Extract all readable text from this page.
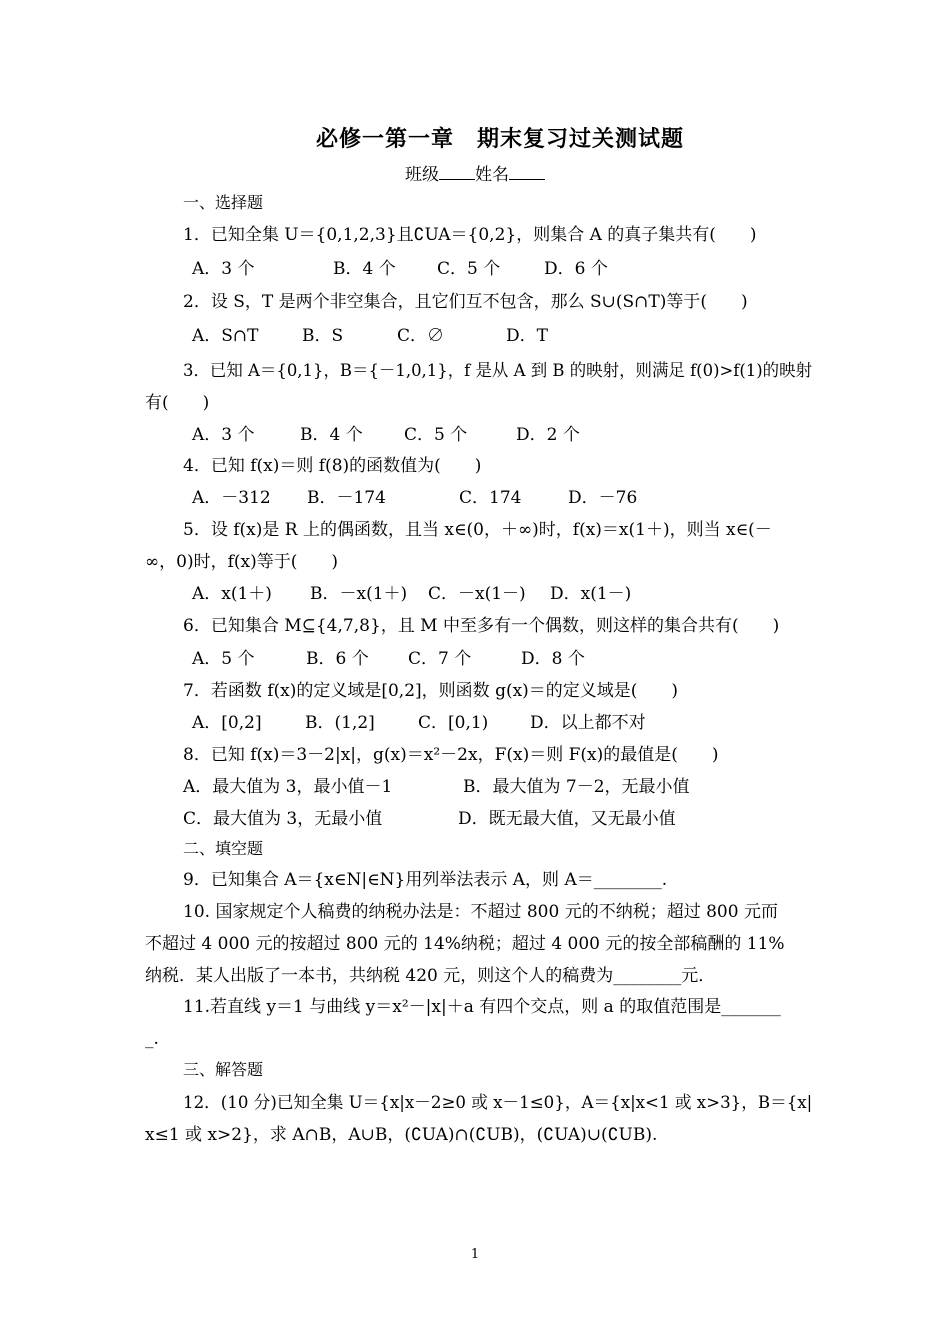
必修一第一章　期末复习过关测试题
班级 姓名
一、选择题
1．已知全集 U＝{0,1,2,3}且∁UA＝{0,2}，则集合 A 的真子集共有(　　)
A．3 个	B．4 个 C．5 个	D．6 个
2．设 S，T 是两个非空集合，且它们互不包含，那么 S∪(S∩T)等于(　　)
A．S∩T	B．S	C．∅	D．T
3．已知 A＝{0,1}，B＝{－1,0,1}，f 是从 A 到 B 的映射，则满足 f(0)>f(1)的映射
有(　　)
A．3 个	B．4 个 C．5 个	D．2 个
4．已知 f(x)＝则 f(8)的函数值为(　　)
A．－312 B．－174	C．174	D．－76
5．设 f(x)是 R 上的偶函数，且当 x∈(0，＋∞)时，f(x)＝x(1＋)，则当 x∈(－
∞，0)时，f(x)等于(　　)
A．x(1＋) B．－x(1＋) C．－x(1－) D．x(1－)
6．已知集合 M⊆{4,7,8}，且 M 中至多有一个偶数，则这样的集合共有(　　)
A．5 个	B．6 个 C．7 个	D．8 个
7．若函数 f(x)的定义域是[0,2]，则函数 g(x)＝的定义域是(　　)
A．[0,2]	B．(1,2]	C．[0,1) D．以上都不对
8．已知 f(x)＝3－2|x|，g(x)＝x²－2x，F(x)＝则 F(x)的最值是(　　)
A．最大值为 3，最小值－1	B．最大值为 7－2，无最小值
C．最大值为 3，无最小值	D．既无最大值，又无最小值
二、填空题
9．已知集合 A＝{x∈N|∈N}用列举法表示 A，则 A＝________.
10. 国家规定个人稿费的纳税办法是：不超过 800 元的不纳税；超过 800 元而
不超过 4 000 元的按超过 800 元的 14%纳税；超过 4 000 元的按全部稿酬的 11%
纳税．某人出版了一本书，共纳税 420 元，则这个人的稿费为________元．
11.若直线 y＝1 与曲线 y＝x²－|x|＋a 有四个交点，则 a 的取值范围是_______
_.
三、解答题
12．(10 分)已知全集 U＝{x|x－2≥0 或 x－1≤0}，A＝{x|x<1 或 x>3}，B＝{x|
x≤1 或 x>2}，求 A∩B，A∪B，(∁UA)∩(∁UB)，(∁UA)∪(∁UB).
1
